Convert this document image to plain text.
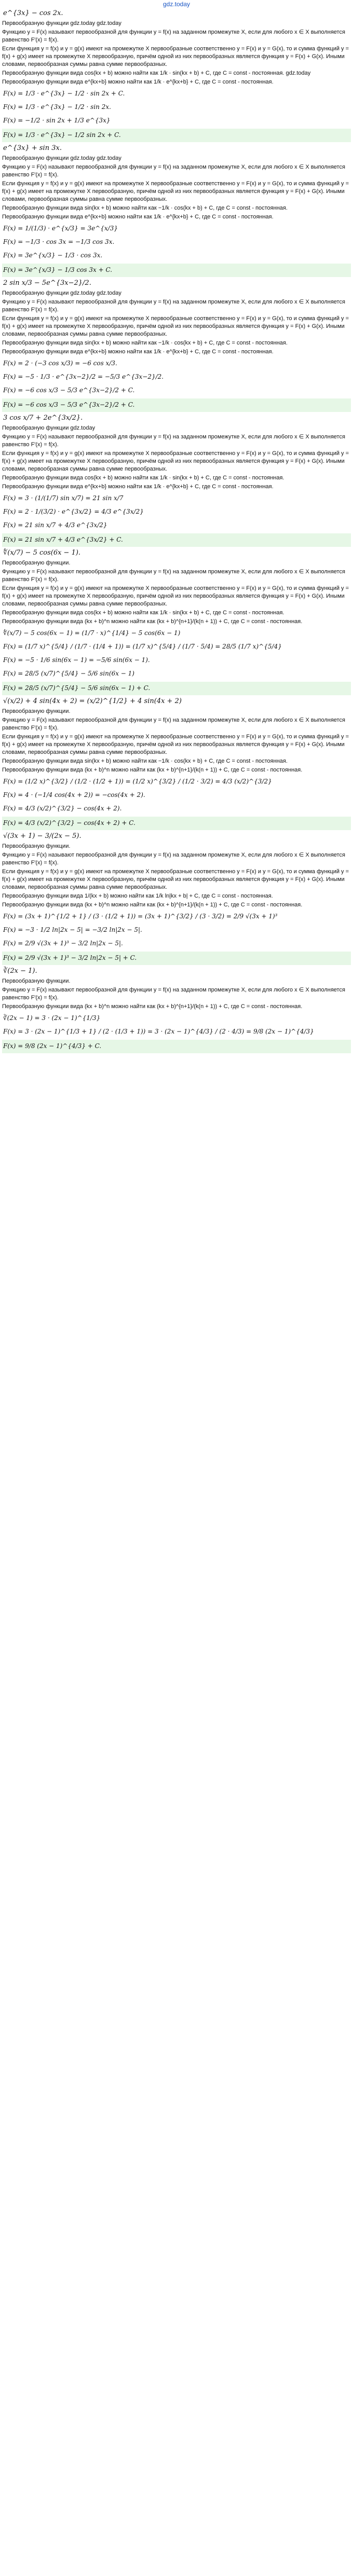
gdz.today
e^{3x} − cos 2x.
Первообразную функции gdz.today gdz.today
Функцию y = F(x) называют первообразной для функции y = f(x) на заданном промежутке X, если для любого x ∈ X выполняется равенство F′(x) = f(x).
Если функция y = f(x) и y = g(x) имеют на промежутке X первообразные соответственно y = F(x) и y = G(x), то и сумма функций y = f(x) + g(x) имеет на промежутке X первообразную, причём одной из них первообразных является функция y = F(x) + G(x). Иными словами, первообразная суммы равна сумме первообразных.
Первообразную функции вида cos(kx + b) можно найти как 1/k · sin(kx + b) + C, где C = const - постоянная. gdz.today
Первообразную функции вида e^{kx+b} можно найти как 1/k · e^{kx+b} + C, где C = const - постоянная.
F(x) = 1/3 · e^{3x} − 1/2 · sin 2x + C.
F(x) = 1/3 · e^{3x} − 1/2 · sin 2x.
F(x) = −1/2 · sin 2x + 1/3 e^{3x}
F(x) = 1/3 · e^{3x} − 1/2 sin 2x + C.
e^{3x} + sin 3x.
Первообразную функции gdz.today gdz.today
Функцию y = F(x) называют первообразной для функции y = f(x) на заданном промежутке X, если для любого x ∈ X выполняется равенство F′(x) = f(x).
Если функция y = f(x) и y = g(x) имеют на промежутке X первообразные соответственно y = F(x) и y = G(x), то и сумма функций y = f(x) + g(x) имеет на промежутке X первообразную, причём одной из них первообразных является функция y = F(x) + G(x). Иными словами, первообразная суммы равна сумме первообразных.
Первообразную функции вида sin(kx + b) можно найти как −1/k · cos(kx + b) + C, где C = const - постоянная.
Первообразную функции вида e^{kx+b} можно найти как 1/k · e^{kx+b} + C, где C = const - постоянная.
F(x) = 1/(1/3) · e^{x/3} = 3e^{x/3}
F(x) = −1/3 · cos 3x = −1/3 cos 3x.
F(x) = 3e^{x/3} − 1/3 · cos 3x.
F(x) = 3e^{x/3} − 1/3 cos 3x + C.
2 sin x/3 − 5e^{3x−2}/2.
Первообразную функции gdz.today gdz.today
Функцию y = F(x) называют первообразной для функции y = f(x) на заданном промежутке X, если для любого x ∈ X выполняется равенство F′(x) = f(x).
Если функция y = f(x) и y = g(x) имеют на промежутке X первообразные соответственно y = F(x) и y = G(x), то и сумма функций y = f(x) + g(x) имеет на промежутке X первообразную, причём одной из них первообразных является функция y = F(x) + G(x). Иными словами, первообразная суммы равна сумме первообразных.
Первообразную функции вида sin(kx + b) можно найти как −1/k · cos(kx + b) + C, где C = const - постоянная.
Первообразную функции вида e^{kx+b} можно найти как 1/k · e^{kx+b} + C, где C = const - постоянная.
F(x) = 2 · (−3 cos x/3) = −6 cos x/3.
F(x) = −5 · 1/3 · e^{3x−2}/2 = −5/3 e^{3x−2}/2.
F(x) = −6 cos x/3 − 5/3 e^{3x−2}/2 + C.
F(x) = −6 cos x/3 − 5/3 e^{3x−2}/2 + C.
3 cos x/7 + 2e^{3x/2}.
Первообразную функции gdz.today
Функцию y = F(x) называют первообразной для функции y = f(x) на заданном промежутке X, если для любого x ∈ X выполняется равенство F′(x) = f(x).
Если функция y = f(x) и y = g(x) имеют на промежутке X первообразные соответственно y = F(x) и y = G(x), то и сумма функций y = f(x) + g(x) имеет на промежутке X первообразную, причём одной из них первообразных является функция y = F(x) + G(x). Иными словами, первообразная суммы равна сумме первообразных.
Первообразную функции вида cos(kx + b) можно найти как 1/k · sin(kx + b) + C, где C = const - постоянная.
Первообразную функции вида e^{kx+b} можно найти как 1/k · e^{kx+b} + C, где C = const - постоянная.
F(x) = 3 · (1/(1/7) sin x/7) = 21 sin x/7
F(x) = 2 · 1/(3/2) · e^{3x/2} = 4/3 e^{3x/2}
F(x) = 21 sin x/7 + 4/3 e^{3x/2}
F(x) = 21 sin x/7 + 4/3 e^{3x/2} + C.
∜(x/7) − 5 cos(6x − 1).
Первообразную функции.
Функцию y = F(x) называют первообразной для функции y = f(x) на заданном промежутке X, если для любого x ∈ X выполняется равенство F′(x) = f(x).
Если функция y = f(x) и y = g(x) имеют на промежутке X первообразные соответственно y = F(x) и y = G(x), то и сумма функций y = f(x) + g(x) имеет на промежутке X первообразную, причём одной из них первообразных является функция y = F(x) + G(x). Иными словами, первообразная суммы равна сумме первообразных.
Первообразную функции вида cos(kx + b) можно найти как 1/k · sin(kx + b) + C, где C = const - постоянная.
Первообразную функции вида (kx + b)^n можно найти как (kx + b)^{n+1}/(k(n + 1)) + C, где C = const - постоянная.
∜(x/7) − 5 cos(6x − 1) = (1/7 · x)^{1/4} − 5 cos(6x − 1)
F(x) = (1/7 x)^{5/4} / (1/7 · (1/4 + 1)) = (1/7 x)^{5/4} / (1/7 · 5/4) = 28/5 (1/7 x)^{5/4}
F(x) = −5 · 1/6 sin(6x − 1) = −5/6 sin(6x − 1).
F(x) = 28/5 (x/7)^{5/4} − 5/6 sin(6x − 1)
F(x) = 28/5 (x/7)^{5/4} − 5/6 sin(6x − 1) + C.
√(x/2) + 4 sin(4x + 2) = (x/2)^{1/2} + 4 sin(4x + 2)
Первообразную функции.
Функцию y = F(x) называют первообразной для функции y = f(x) на заданном промежутке X, если для любого x ∈ X выполняется равенство F′(x) = f(x).
Если функция y = f(x) и y = g(x) имеют на промежутке X первообразные соответственно y = F(x) и y = G(x), то и сумма функций y = f(x) + g(x) имеет на промежутке X первообразную, причём одной из них первообразных является функция y = F(x) + G(x). Иными словами, первообразная суммы равна сумме первообразных.
Первообразную функции вида sin(kx + b) можно найти как −1/k · cos(kx + b) + C, где C = const - постоянная.
Первообразную функции вида (kx + b)^n можно найти как (kx + b)^{n+1}/(k(n + 1)) + C, где C = const - постоянная.
F(x) = (1/2 x)^{3/2} / (1/2 · (1/2 + 1)) = (1/2 x)^{3/2} / (1/2 · 3/2) = 4/3 (x/2)^{3/2}
F(x) = 4 · (−1/4 cos(4x + 2)) = −cos(4x + 2).
F(x) = 4/3 (x/2)^{3/2} − cos(4x + 2).
F(x) = 4/3 (x/2)^{3/2} − cos(4x + 2) + C.
√(3x + 1) − 3/(2x − 5).
Первообразную функции.
Функцию y = F(x) называют первообразной для функции y = f(x) на заданном промежутке X, если для любого x ∈ X выполняется равенство F′(x) = f(x).
Если функция y = f(x) и y = g(x) имеют на промежутке X первообразные соответственно y = F(x) и y = G(x), то и сумма функций y = f(x) + g(x) имеет на промежутке X первообразную, причём одной из них первообразных является функция y = F(x) + G(x). Иными словами, первообразная суммы равна сумме первообразных.
Первообразную функции вида 1/(kx + b) можно найти как 1/k ln|kx + b| + C, где C = const - постоянная.
Первообразную функции вида (kx + b)^n можно найти как (kx + b)^{n+1}/(k(n + 1)) + C, где C = const - постоянная.
F(x) = (3x + 1)^{1/2 + 1} / (3 · (1/2 + 1)) = (3x + 1)^{3/2} / (3 · 3/2) = 2/9 √(3x + 1)³
F(x) = −3 · 1/2 ln|2x − 5| = −3/2 ln|2x − 5|.
F(x) = 2/9 √(3x + 1)³ − 3/2 ln|2x − 5|.
F(x) = 2/9 √(3x + 1)³ − 3/2 ln|2x − 5| + C.
∛(2x − 1).
Первообразную функции.
Функцию y = F(x) называют первообразной для функции y = f(x) на заданном промежутке X, если для любого x ∈ X выполняется равенство F′(x) = f(x).
Первообразную функции вида (kx + b)^n можно найти как (kx + b)^{n+1}/(k(n + 1)) + C, где C = const - постоянная.
∛(2x − 1) = 3 · (2x − 1)^{1/3}
F(x) = 3 · (2x − 1)^{1/3 + 1} / (2 · (1/3 + 1)) = 3 · (2x − 1)^{4/3} / (2 · 4/3) = 9/8 (2x − 1)^{4/3}
F(x) = 9/8 (2x − 1)^{4/3} + C.
